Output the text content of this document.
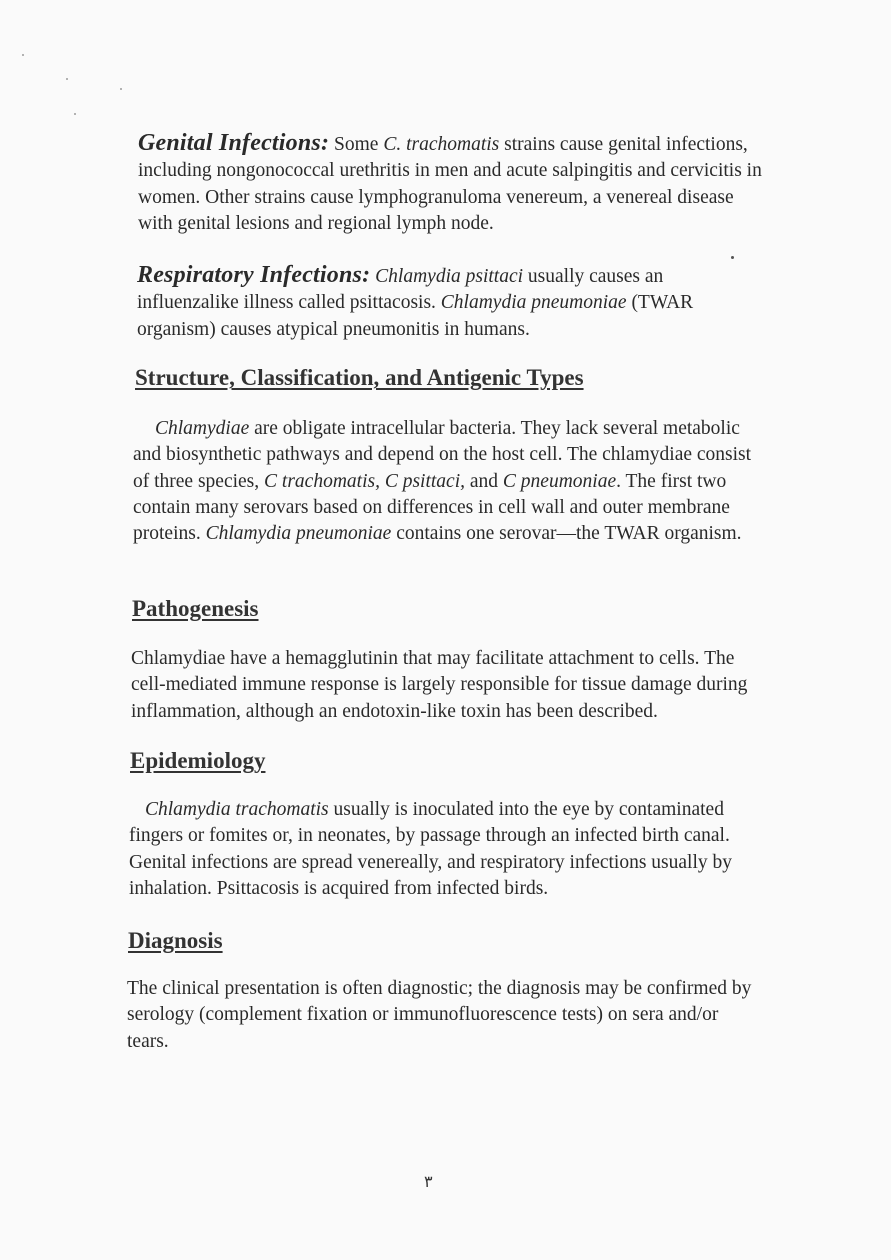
Genital Infections: Some C. trachomatis strains cause genital infections, including nongonococcal urethritis in men and acute salpingitis and cervicitis in women. Other strains cause lymphogranuloma venereum, a venereal disease with genital lesions and regional lymph node.
Respiratory Infections: Chlamydia psittaci usually causes an influenzalike illness called psittacosis. Chlamydia pneumoniae (TWAR organism) causes atypical pneumonitis in humans.
Structure, Classification, and Antigenic Types
Chlamydiae are obligate intracellular bacteria. They lack several metabolic and biosynthetic pathways and depend on the host cell. The chlamydiae consist of three species, C trachomatis, C psittaci, and C pneumoniae. The first two contain many serovars based on differences in cell wall and outer membrane proteins. Chlamydia pneumoniae contains one serovar—the TWAR organism.
Pathogenesis
Chlamydiae have a hemagglutinin that may facilitate attachment to cells. The cell-mediated immune response is largely responsible for tissue damage during inflammation, although an endotoxin-like toxin has been described.
Epidemiology
Chlamydia trachomatis usually is inoculated into the eye by contaminated fingers or fomites or, in neonates, by passage through an infected birth canal. Genital infections are spread venereally, and respiratory infections usually by inhalation. Psittacosis is acquired from infected birds.
Diagnosis
The clinical presentation is often diagnostic; the diagnosis may be confirmed by serology (complement fixation or immunofluorescence tests) on sera and/or tears.
٣
